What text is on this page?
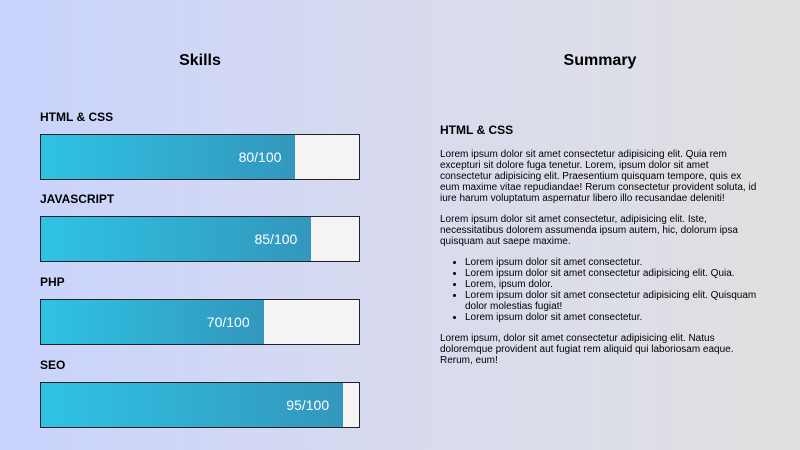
Skills
HTML & CSS
80/100
JAVASCRIPT
85/100
PHP
70/100
SEO
95/100
Summary
HTML & CSS

Lorem ipsum dolor sit amet consectetur adipisicing elit. Quia rem excepturi sit dolore fuga tenetur. Lorem, ipsum dolor sit amet consectetur adipisicing elit. Praesentium quisquam tempore, quis ex eum maxime vitae repudiandae! Rerum consectetur provident soluta, id iure harum voluptatum aspernatur libero illo recusandae deleniti!

Lorem ipsum dolor sit amet consectetur, adipisicing elit. Iste, necessitatibus dolorem assumenda ipsum autem, hic, dolorum ipsa quisquam aut saepe maxime.

• Lorem ipsum dolor sit amet consectetur.
• Lorem ipsum dolor sit amet consectetur adipisicing elit. Quia.
• Lorem, ipsum dolor.
• Lorem ipsum dolor sit amet consectetur adipisicing elit. Quisquam dolor molestias fugiat!
• Lorem ipsum dolor sit amet consectetur.

Lorem ipsum, dolor sit amet consectetur adipisicing elit. Natus doloremque provident aut fugiat rem aliquid qui laboriosam eaque. Rerum, eum!
